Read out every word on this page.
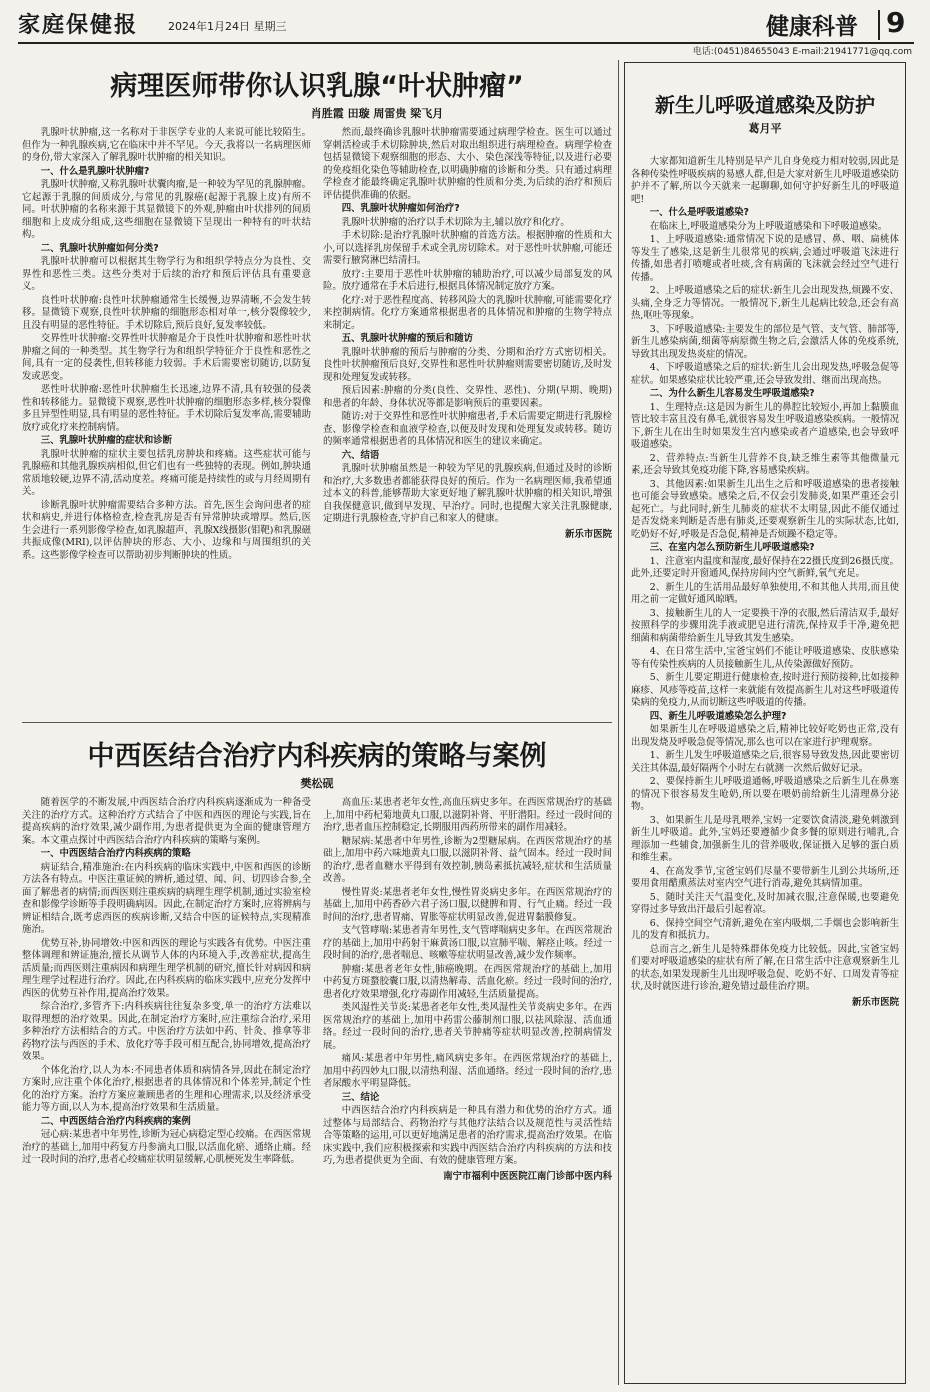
家庭保健报	2024年1月24日 星期三	健康科普 9
电话:(0451)84655043 E-mail:21941771@qq.com
病理医师带你认识乳腺“叶状肿瘤”
肖胜霞 田璇 周雷贵 梁飞月

乳腺叶状肿瘤,这一名称对于非医学专业的人来说可能比较陌生。但作为一种乳腺疾病,它在临床中并不罕见。今天,我将以一名病理医师的身份,带大家深入了解乳腺叶状肿瘤的相关知识。

一、什么是乳腺叶状肿瘤?

乳腺叶状肿瘤,又称乳腺叶状囊肉瘤,是一种较为罕见的乳腺肿瘤。它起源于乳腺的间质成分,与常见的乳腺癌(起源于乳腺上皮)有所不同。叶状肿瘤的名称来源于其显微镜下的外观,肿瘤由叶状排列的间质细胞和上皮成分组成,这些细胞在显微镜下呈现出一种特有的叶状结构。

二、乳腺叶状肿瘤如何分类?

乳腺叶状肿瘤可以根据其生物学行为和组织学特点分为良性、交界性和恶性三类。这些分类对于后续的治疗和预后评估具有重要意义。

良性叶状肿瘤:良性叶状肿瘤通常生长缓慢,边界清晰,不会发生转移。显微镜下观察,良性叶状肿瘤的细胞形态相对单一,核分裂像较少,且没有明显的恶性特征。手术切除后,预后良好,复发率较低。

交界性叶状肿瘤:交界性叶状肿瘤是介于良性叶状肿瘤和恶性叶状肿瘤之间的一种类型。其生物学行为和组织学特征介于良性和恶性之间,具有一定的侵袭性,但转移能力较弱。手术后需要密切随访,以防复发或恶变。

恶性叶状肿瘤:恶性叶状肿瘤生长迅速,边界不清,具有较强的侵袭性和转移能力。显微镜下观察,恶性叶状肿瘤的细胞形态多样,核分裂像多且异型性明显,具有明显的恶性特征。手术切除后复发率高,需要辅助放疗或化疗来控制病情。

三、乳腺叶状肿瘤的症状和诊断

乳腺叶状肿瘤的症状主要包括乳房肿块和疼痛。这些症状可能与乳腺癌和其他乳腺疾病相似,但它们也有一些独特的表现。例如,肿块通常质地较硬,边界不清,活动度差。疼痛可能是持续性的或与月经周期有关。

诊断乳腺叶状肿瘤需要结合多种方法。首先,医生会询问患者的症状和病史,并进行体格检查,检查乳房是否有异常肿块或增厚。然后,医生会进行一系列影像学检查,如乳腺超声、乳腺X线摄影(钼靶)和乳腺磁共振成像(MRI),以评估肿块的形态、大小、边缘和与周围组织的关系。这些影像学检查可以帮助初步判断肿块的性质。

然而,最终确诊乳腺叶状肿瘤需要通过病理学检查。医生可以通过穿刺活检或手术切除肿块,然后对取出组织进行病理检查。病理学检查包括显微镜下观察细胞的形态、大小、染色深浅等特征,以及进行必要的免疫组化染色等辅助检查,以明确肿瘤的诊断和分类。只有通过病理学检查才能最终确定乳腺叶状肿瘤的性质和分类,为后续的治疗和预后评估提供准确的依据。

四、乳腺叶状肿瘤如何治疗?

乳腺叶状肿瘤的治疗以手术切除为主,辅以放疗和化疗。

手术切除:是治疗乳腺叶状肿瘤的首选方法。根据肿瘤的性质和大小,可以选择乳房保留手术或全乳房切除术。对于恶性叶状肿瘤,可能还需要行腋窝淋巴结清扫。

放疗:主要用于恶性叶状肿瘤的辅助治疗,可以减少局部复发的风险。放疗通常在手术后进行,根据具体情况制定放疗方案。

化疗:对于恶性程度高、转移风险大的乳腺叶状肿瘤,可能需要化疗来控制病情。化疗方案通常根据患者的具体情况和肿瘤的生物学特点来制定。

五、乳腺叶状肿瘤的预后和随访

乳腺叶状肿瘤的预后与肿瘤的分类、分期和治疗方式密切相关。良性叶状肿瘤预后良好,交界性和恶性叶状肿瘤则需要密切随访,及时发现和处理复发或转移。

预后因素:肿瘤的分类(良性、交界性、恶性)、分期(早期、晚期)和患者的年龄、身体状况等都是影响预后的重要因素。

随访:对于交界性和恶性叶状肿瘤患者,手术后需要定期进行乳腺检查、影像学检查和血液学检查,以便及时发现和处理复发或转移。随访的频率通常根据患者的具体情况和医生的建议来确定。

六、结语

乳腺叶状肿瘤虽然是一种较为罕见的乳腺疾病,但通过及时的诊断和治疗,大多数患者都能获得良好的预后。作为一名病理医师,我希望通过本文的科普,能够帮助大家更好地了解乳腺叶状肿瘤的相关知识,增强自我保健意识,做到早发现、早治疗。同时,也提醒大家关注乳腺健康,定期进行乳腺检查,守护自己和家人的健康。

新乐市医院

中西医结合治疗内科疾病的策略与案例
樊松砚

随着医学的不断发展,中西医结合治疗内科疾病逐渐成为一种备受关注的治疗方式。这种治疗方式结合了中医和西医的理论与实践,旨在提高疾病的治疗效果,减少副作用,为患者提供更为全面的健康管理方案。本文重点探讨中西医结合治疗内科疾病的策略与案例。

一、中西医结合治疗内科疾病的策略

病证结合,精准施治:在内科疾病的临床实践中,中医和西医的诊断方法各有特点。中医注重证候的辨析,通过望、闻、问、切四诊合参,全面了解患者的病情;而西医则注重疾病的病理生理学机制,通过实验室检查和影像学诊断等手段明确病因。因此,在制定治疗方案时,应将辨病与辨证相结合,既考虑西医的疾病诊断,又结合中医的证候特点,实现精准施治。

优势互补,协同增效:中医和西医的理论与实践各有优势。中医注重整体调理和辨证施治,擅长从调节人体的内环境入手,改善症状,提高生活质量;而西医则注重病因和病理生理学机制的研究,擅长针对病因和病理生理学过程进行治疗。因此,在内科疾病的临床实践中,应充分发挥中西医的优势互补作用,提高治疗效果。

综合治疗,多管齐下:内科疾病往往复杂多变,单一的治疗方法难以取得理想的治疗效果。因此,在制定治疗方案时,应注重综合治疗,采用多种治疗方法相结合的方式。中医治疗方法如中药、针灸、推拿等非药物疗法与西医的手术、放化疗等手段可相互配合,协同增效,提高治疗效果。

个体化治疗,以人为本:不同患者体质和病情各异,因此在制定治疗方案时,应注重个体化治疗,根据患者的具体情况和个体差异,制定个性化的治疗方案。治疗方案应兼顾患者的生理和心理需求,以及经济承受能力等方面,以人为本,提高治疗效果和生活质量。

二、中西医结合治疗内科疾病的案例

冠心病:某患者中年男性,诊断为冠心病稳定型心绞痛。在西医常规治疗的基础上,加用中药复方丹参滴丸口服,以活血化瘀、通络止痛。经过一段时间的治疗,患者心绞痛症状明显缓解,心肌梗死发生率降低。

高血压:某患者老年女性,高血压病史多年。在西医常规治疗的基础上,加用中药杞菊地黄丸口服,以滋阴补肾、平肝潜阳。经过一段时间的治疗,患者血压控制稳定,长期服用西药所带来的副作用减轻。

糖尿病:某患者中年男性,诊断为2型糖尿病。在西医常规治疗的基础上,加用中药六味地黄丸口服,以滋阴补肾、益气固本。经过一段时间的治疗,患者血糖水平得到有效控制,胰岛素抵抗减轻,症状和生活质量改善。

慢性胃炎:某患者老年女性,慢性胃炎病史多年。在西医常规治疗的基础上,加用中药香砂六君子汤口服,以健脾和胃、行气止痛。经过一段时间的治疗,患者胃痛、胃胀等症状明显改善,促进胃黏膜修复。

支气管哮喘:某患者青年男性,支气管哮喘病史多年。在西医常规治疗的基础上,加用中药射干麻黄汤口服,以宣肺平喘、解痉止咳。经过一段时间的治疗,患者喘息、咳嗽等症状明显改善,减少发作频率。

肿瘤:某患者老年女性,肺癌晚期。在西医常规治疗的基础上,加用中药复方斑蝥胶囊口服,以清热解毒、活血化瘀。经过一段时间的治疗,患者化疗效果增强,化疗毒副作用减轻,生活质量提高。

类风湿性关节炎:某患者老年女性,类风湿性关节炎病史多年。在西医常规治疗的基础上,加用中药雷公藤制剂口服,以祛风除湿、活血通络。经过一段时间的治疗,患者关节肿痛等症状明显改善,控制病情发展。

痛风:某患者中年男性,痛风病史多年。在西医常规治疗的基础上,加用中药四妙丸口服,以清热利湿、活血通络。经过一段时间的治疗,患者尿酸水平明显降低。

三、结论

中西医结合治疗内科疾病是一种具有潜力和优势的治疗方式。通过整体与局部结合、药物治疗与其他疗法结合以及规范性与灵活性结合等策略的运用,可以更好地满足患者的治疗需求,提高治疗效果。在临床实践中,我们应积极探索和实践中西医结合治疗内科疾病的方法和技巧,为患者提供更为全面、有效的健康管理方案。

南宁市福利中医医院江南门诊部中医内科

新生儿呼吸道感染及防护
葛月平

大家都知道新生儿特别是早产儿自身免疫力相对较弱,因此是各种传染性呼吸疾病的易感人群,但是大家对新生儿呼吸道感染防护并不了解,所以今天就来一起聊聊,如何守护好新生儿的呼吸道吧!

一、什么是呼吸道感染?

在临床上,呼吸道感染分为上呼吸道感染和下呼吸道感染。

1、上呼吸道感染:通常情况下说的是感冒、鼻、咽、扁桃体等发生了感染,这是新生儿很常见的疾病,会通过呼吸道飞沫进行传播,如患者打喷嚏或者吐痰,含有病菌的飞沫就会经过空气进行传播。

2、上呼吸道感染之后的症状:新生儿会出现发热,烦躁不安、头痛,全身乏力等情况。一般情况下,新生儿起病比较急,还会有高热,呕吐等现象。

3、下呼吸道感染:主要发生的部位是气管、支气管、肺部等,新生儿感染病菌,细菌等病原微生物之后,会激活人体的免疫系统,导致其出现发热炎症的情况。

4、下呼吸道感染之后的症状:新生儿会出现发热,呼吸急促等症状。如果感染症状比较严重,还会导致发绀、继而出现高热。

二、为什么新生儿容易发生呼吸道感染?

1、生理特点:这是因为新生儿的鼻腔比较短小,再加上黏膜血管比较丰富且没有鼻毛,就很容易发生呼吸道感染疾病。一般情况下,新生儿在出生时如果发生宫内感染或者产道感染,也会导致呼吸道感染。

2、营养特点:当新生儿营养不良,缺乏维生素等其他微量元素,还会导致其免疫功能下降,容易感染疾病。

3、其他因素:如果新生儿出生之后和呼吸道感染的患者接触也可能会导致感染。感染之后,不仅会引发肺炎,如果严重还会引起死亡。与此同时,新生儿肺炎的症状不太明显,因此不能仅通过是否发烧来判断是否患有肺炎,还要观察新生儿的实际状态,比如,吃奶好不好,呼吸是否急促,精神是否烦躁不稳定等。

三、在室内怎么预防新生儿呼吸道感染?

1、注意室内温度和湿度,最好保持在22摄氏度到26摄氏度。此外,还要定时开窗通风,保持房间内空气新鲜,氧气充足。

2、新生儿的生活用品最好单独使用,不和其他人共用,而且使用之前一定做好通风晾晒。

3、接触新生儿的人一定要换干净的衣服,然后清洁双手,最好按照科学的步骤用洗手液或肥皂进行清洗,保持双手干净,避免把细菌和病菌带给新生儿导致其发生感染。

4、在日常生活中,宝爸宝妈们不能让呼吸道感染、皮肤感染等有传染性疾病的人员接触新生儿,从传染源做好预防。

5、新生儿要定期进行健康检查,按时进行预防接种,比如接种麻疹、风疹等疫苗,这样一来就能有效提高新生儿对这些呼吸道传染病的免疫力,从而切断这些呼吸道的传播。

四、新生儿呼吸道感染怎么护理?

如果新生儿在呼吸道感染之后,精神比较好吃奶也正常,没有出现发烧及呼吸急促等情况,那么也可以在家进行护理观察。

1、新生儿发生呼吸道感染之后,很容易导致发热,因此要密切关注其体温,最好隔两个小时左右就测一次然后做好记录。

2、要保持新生儿呼吸道通畅,呼吸道感染之后新生儿在鼻塞的情况下很容易发生呛奶,所以要在喂奶前给新生儿清理鼻分泌物。

3、如果新生儿是母乳喂养,宝妈一定要饮食清淡,避免刺激到新生儿呼吸道。此外,宝妈还要遵循少食多餐的原则进行哺乳,合理添加一些辅食,加强新生儿的营养吸收,保证摄入足够的蛋白质和维生素。

4、在高发季节,宝爸宝妈们尽量不要带新生儿到公共场所,还要用食用醋熏蒸法对室内空气进行消毒,避免其病情加重。

5、随时关注天气温变化,及时加减衣服,注意保暖,也要避免穿得过多导致出汗最后引起着凉。

6、保持空间空气清新,避免在室内吸烟,二手烟也会影响新生儿的发育和抵抗力。

总而言之,新生儿是特殊群体免疫力比较低。因此,宝爸宝妈们要对呼吸道感染的症状有所了解,在日常生活中注意观察新生儿的状态,如果发现新生儿出现呼吸急促、吃奶不好、口周发青等症状,及时就医进行诊治,避免错过最佳治疗期。

新乐市医院
